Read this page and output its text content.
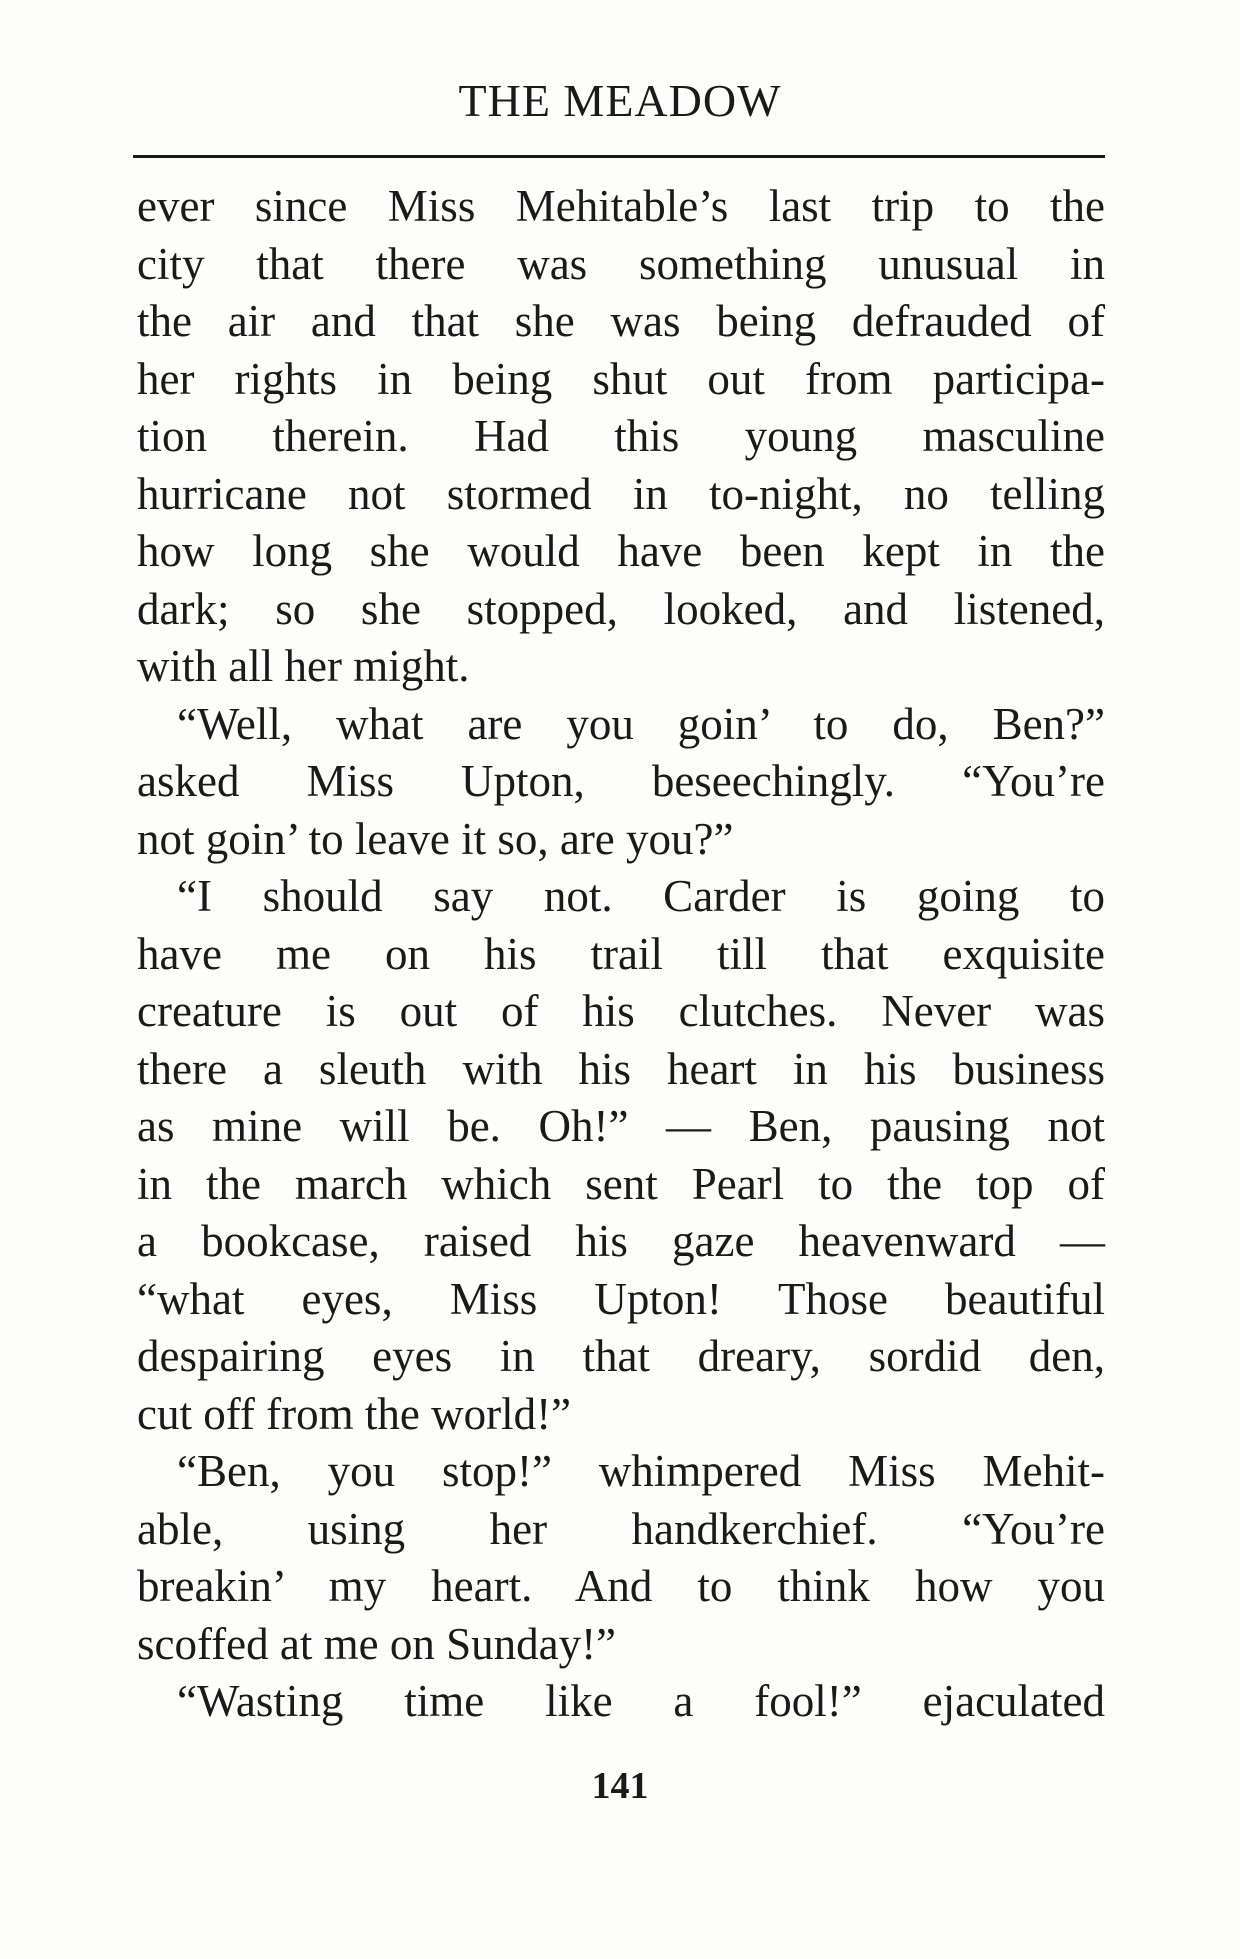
THE MEADOW
ever since Miss Mehitable’s last trip to the
city that there was something unusual in
the air and that she was being defrauded of
her rights in being shut out from participa-
tion therein. Had this young masculine
hurricane not stormed in to-night, no telling
how long she would have been kept in the
dark; so she stopped, looked, and listened,
with all her might.
“Well, what are you goin’ to do, Ben?”
asked Miss Upton, beseechingly. “You’re
not goin’ to leave it so, are you?”
“I should say not. Carder is going to
have me on his trail till that exquisite
creature is out of his clutches. Never was
there a sleuth with his heart in his business
as mine will be. Oh!” — Ben, pausing not
in the march which sent Pearl to the top of
a bookcase, raised his gaze heavenward —
“what eyes, Miss Upton! Those beautiful
despairing eyes in that dreary, sordid den,
cut off from the world!”
“Ben, you stop!” whimpered Miss Mehit-
able, using her handkerchief. “You’re
breakin’ my heart. And to think how you
scoffed at me on Sunday!”
“Wasting time like a fool!” ejaculated
141
